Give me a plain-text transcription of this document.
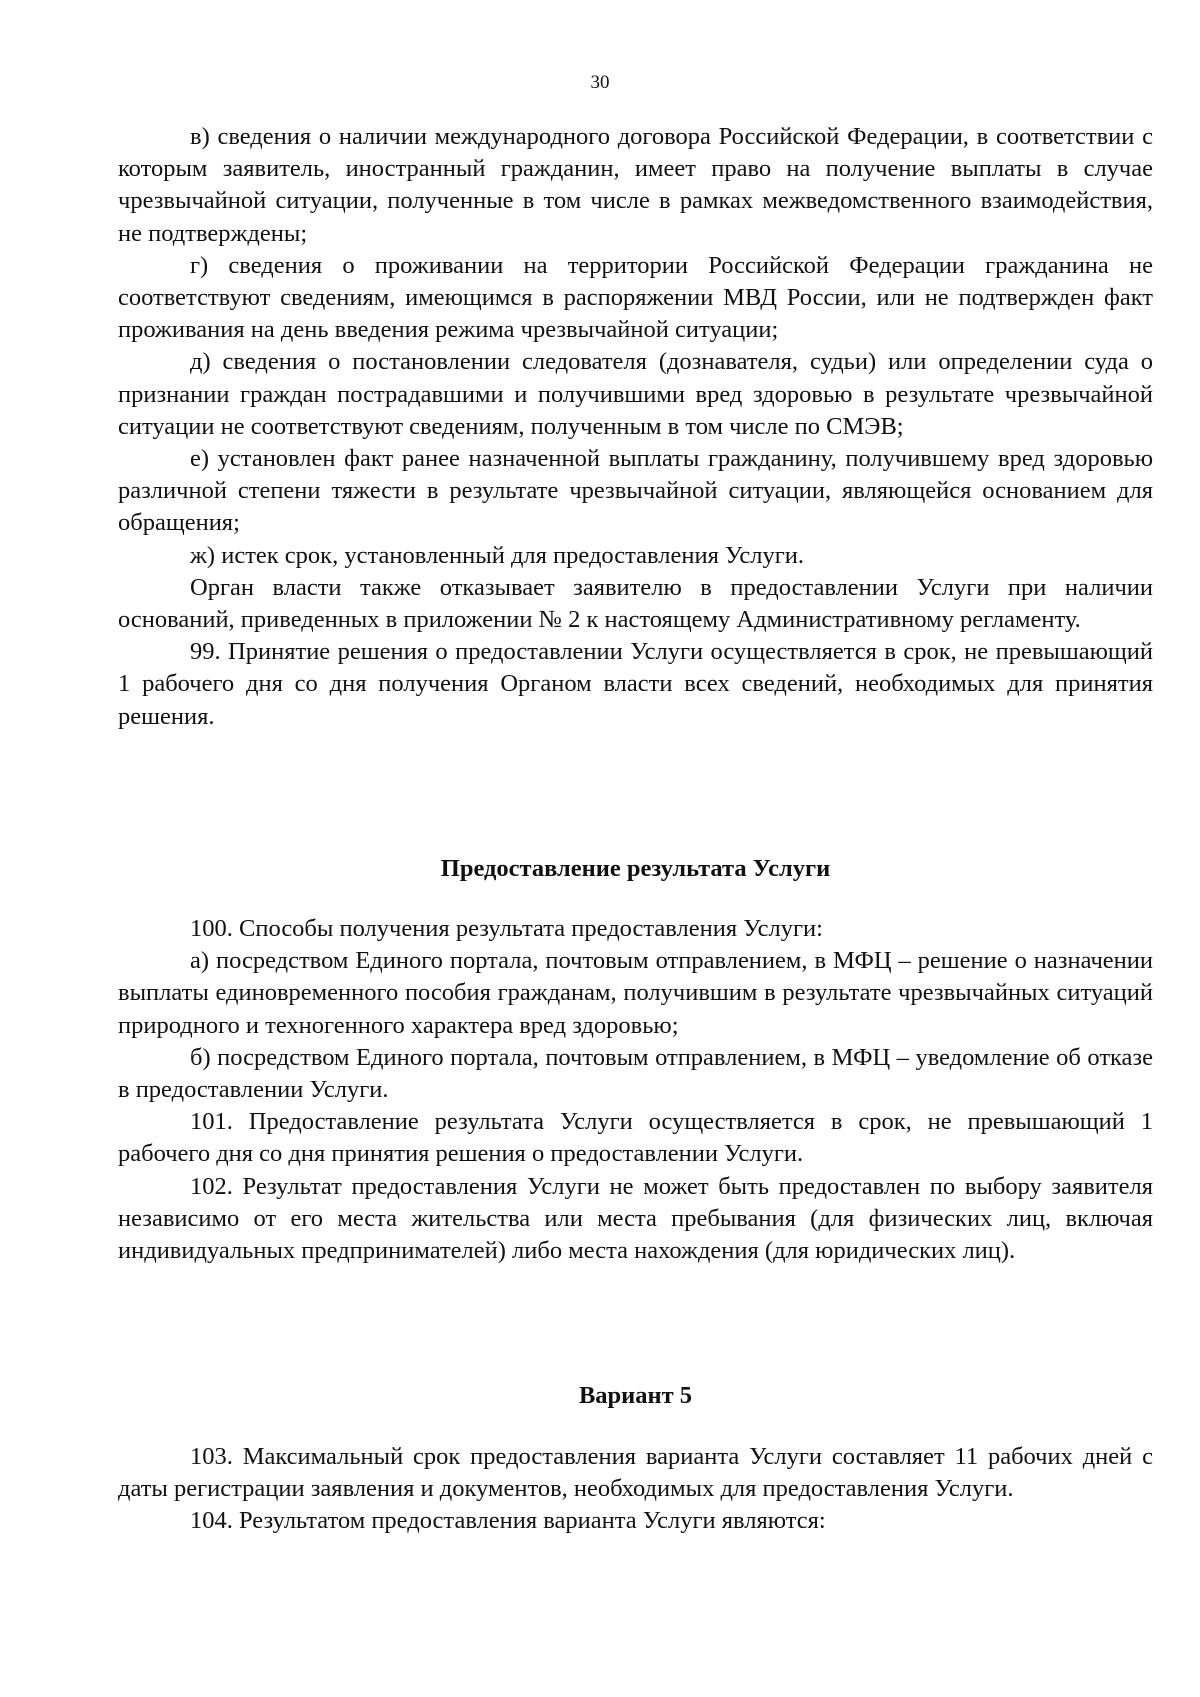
30

в) сведения о наличии международного договора Российской Федерации, в соответствии с которым заявитель, иностранный гражданин, имеет право на получение выплаты в случае чрезвычайной ситуации, полученные в том числе в рамках межведомственного взаимодействия, не подтверждены;

г) сведения о проживании на территории Российской Федерации гражданина не соответствуют сведениям, имеющимся в распоряжении МВД России, или не подтвержден факт проживания на день введения режима чрезвычайной ситуации;

д) сведения о постановлении следователя (дознавателя, судьи) или определении суда о признании граждан пострадавшими и получившими вред здоровью в результате чрезвычайной ситуации не соответствуют сведениям, полученным в том числе по СМЭВ;

е) установлен факт ранее назначенной выплаты гражданину, получившему вред здоровью различной степени тяжести в результате чрезвычайной ситуации, являющейся основанием для обращения;

ж) истек срок, установленный для предоставления Услуги.

Орган власти также отказывает заявителю в предоставлении Услуги при наличии оснований, приведенных в приложении № 2 к настоящему Административному регламенту.

99. Принятие решения о предоставлении Услуги осуществляется в срок, не превышающий 1 рабочего дня со дня получения Органом власти всех сведений, необходимых для принятия решения.

Предоставление результата Услуги

100. Способы получения результата предоставления Услуги:

а) посредством Единого портала, почтовым отправлением, в МФЦ – решение о назначении выплаты единовременного пособия гражданам, получившим в результате чрезвычайных ситуаций природного и техногенного характера вред здоровью;

б) посредством Единого портала, почтовым отправлением, в МФЦ – уведомление об отказе в предоставлении Услуги.

101. Предоставление результата Услуги осуществляется в срок, не превышающий 1 рабочего дня со дня принятия решения о предоставлении Услуги.

102. Результат предоставления Услуги не может быть предоставлен по выбору заявителя независимо от его места жительства или места пребывания (для физических лиц, включая индивидуальных предпринимателей) либо места нахождения (для юридических лиц).

Вариант 5

103. Максимальный срок предоставления варианта Услуги составляет 11 рабочих дней с даты регистрации заявления и документов, необходимых для предоставления Услуги.

104. Результатом предоставления варианта Услуги являются:
